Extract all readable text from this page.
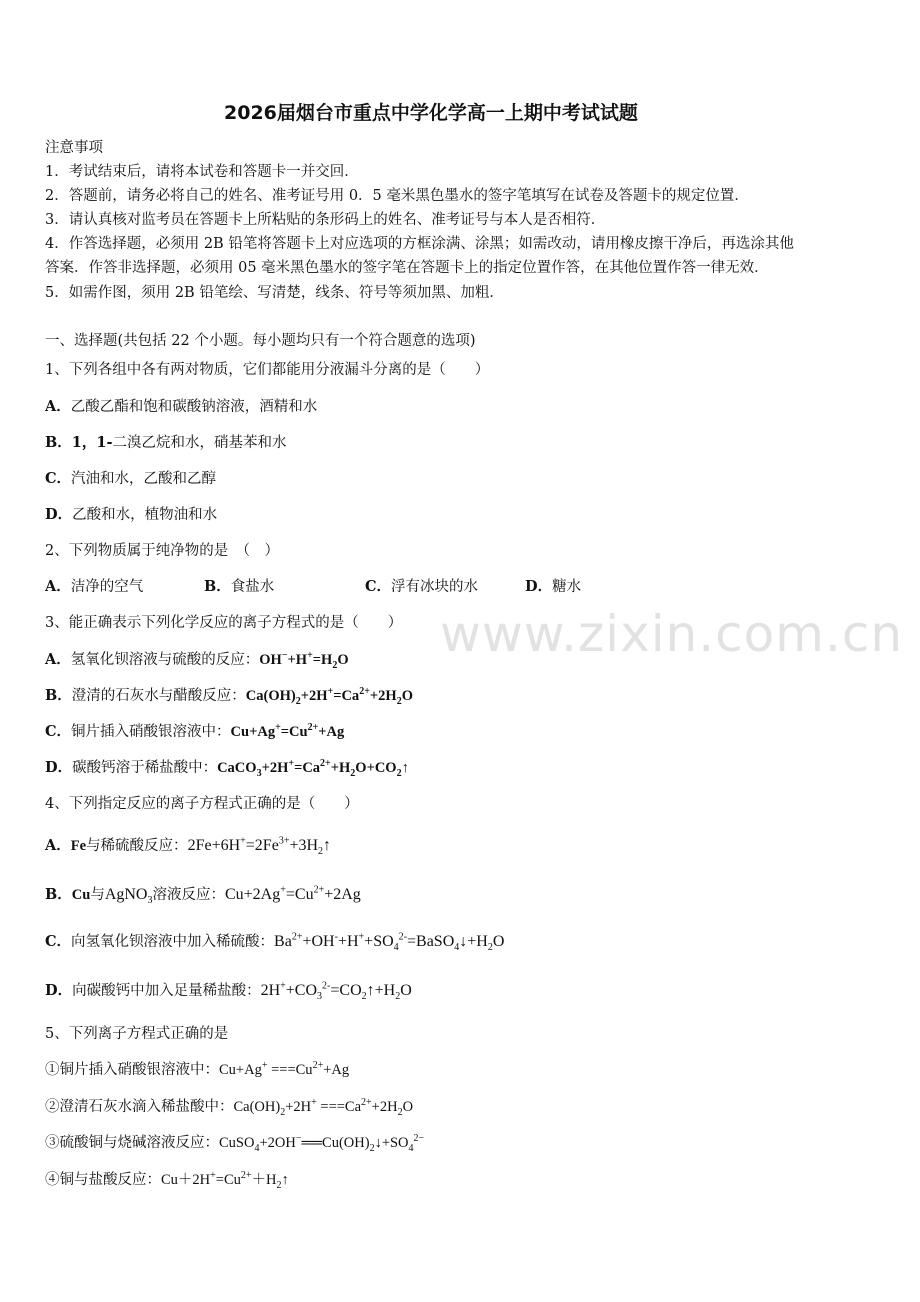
2026届烟台市重点中学化学高一上期中考试试题
注意事项
1．考试结束后，请将本试卷和答题卡一并交回．
2．答题前，请务必将自己的姓名、准考证号用 0．5 毫米黑色墨水的签字笔填写在试卷及答题卡的规定位置．
3．请认真核对监考员在答题卡上所粘贴的条形码上的姓名、准考证号与本人是否相符．
4．作答选择题，必须用 2B 铅笔将答题卡上对应选项的方框涂满、涂黑；如需改动，请用橡皮擦干净后，再选涂其他
答案．作答非选择题，必须用 05 毫米黑色墨水的签字笔在答题卡上的指定位置作答，在其他位置作答一律无效．
5．如需作图，须用 2B 铅笔绘、写清楚，线条、符号等须加黑、加粗．
一、选择题(共包括 22 个小题。每小题均只有一个符合题意的选项)
1、下列各组中各有两对物质，它们都能用分液漏斗分离的是（　　）
A．乙酸乙酯和饱和碳酸钠溶液，酒精和水
B．1，1-二溴乙烷和水，硝基苯和水
C．汽油和水，乙酸和乙醇
D．乙酸和水，植物油和水
2、下列物质属于纯净物的是　（　）
A．洁净的空气	B．食盐水	C．浮有冰块的水	D．糖水
3、能正确表示下列化学反应的离子方程式的是（　　）
A．氢氧化钡溶液与硫酸的反应：$OH^-+H^+=H_2O$
B．澄清的石灰水与醋酸反应：$Ca(OH)_2+2H^+=Ca^{2+}+2H_2O$
C．铜片插入硝酸银溶液中：$Cu+Ag^+=Cu^{2+}+Ag$
D．碳酸钙溶于稀盐酸中：$CaCO_3+2H^+=Ca^{2+}+H_2O+CO_2↑$
4、下列指定反应的离子方程式正确的是（　　）
A．Fe与稀硫酸反应：$2Fe+6H^+=2Fe^{3+}+3H_2↑$
B．Cu与AgNO$_3$溶液反应：$Cu+2Ag^+=Cu^{2+}+2Ag$
C．向氢氧化钡溶液中加入稀硫酸：$Ba^{2+}+OH^-+H^++SO_4^{2-}=BaSO_4↓+H_2O$
D．向碳酸钙中加入足量稀盐酸：$2H^++CO_3^{2-}=CO_2↑+H_2O$
5、下列离子方程式正确的是
①铜片插入硝酸银溶液中：$Cu+Ag^+ ===Cu^{2+}+Ag$
②澄清石灰水滴入稀盐酸中：$Ca(OH)_2+2H^+ ===Ca^{2+}+2H_2O$
③硫酸铜与烧碱溶液反应：$CuSO_4+2OH^-══Cu(OH)_2↓+SO_4^{2-}$
④铜与盐酸反应：$Cu+2H^+=Cu^{2+}+H_2↑$
www.zixin.com.cn
